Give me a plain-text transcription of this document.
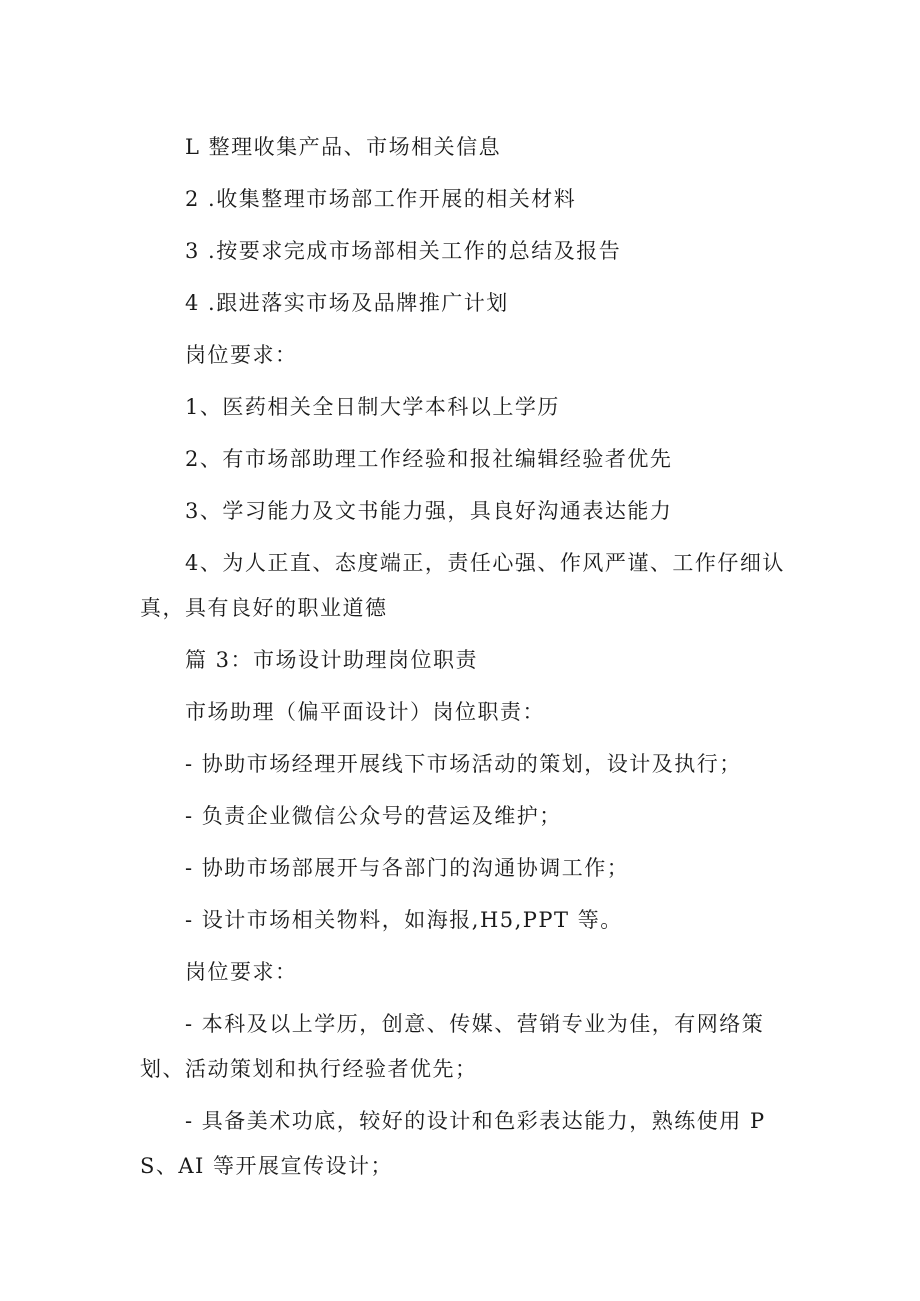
L 整理收集产品、市场相关信息

2 .收集整理市场部工作开展的相关材料

3 .按要求完成市场部相关工作的总结及报告

4 .跟进落实市场及品牌推广计划

岗位要求：

1、医药相关全日制大学本科以上学历

2、有市场部助理工作经验和报社编辑经验者优先

3、学习能力及文书能力强，具良好沟通表达能力

4、为人正直、态度端正，责任心强、作风严谨、工作仔细认真，具有良好的职业道德

篇 3：市场设计助理岗位职责

市场助理（偏平面设计）岗位职责：

- 协助市场经理开展线下市场活动的策划，设计及执行；

- 负责企业微信公众号的营运及维护；

- 协助市场部展开与各部门的沟通协调工作；

- 设计市场相关物料，如海报,H5,PPT 等。

岗位要求：

- 本科及以上学历，创意、传媒、营销专业为佳，有网络策划、活动策划和执行经验者优先；

- 具备美术功底，较好的设计和色彩表达能力，熟练使用 PS、AI 等开展宣传设计；
